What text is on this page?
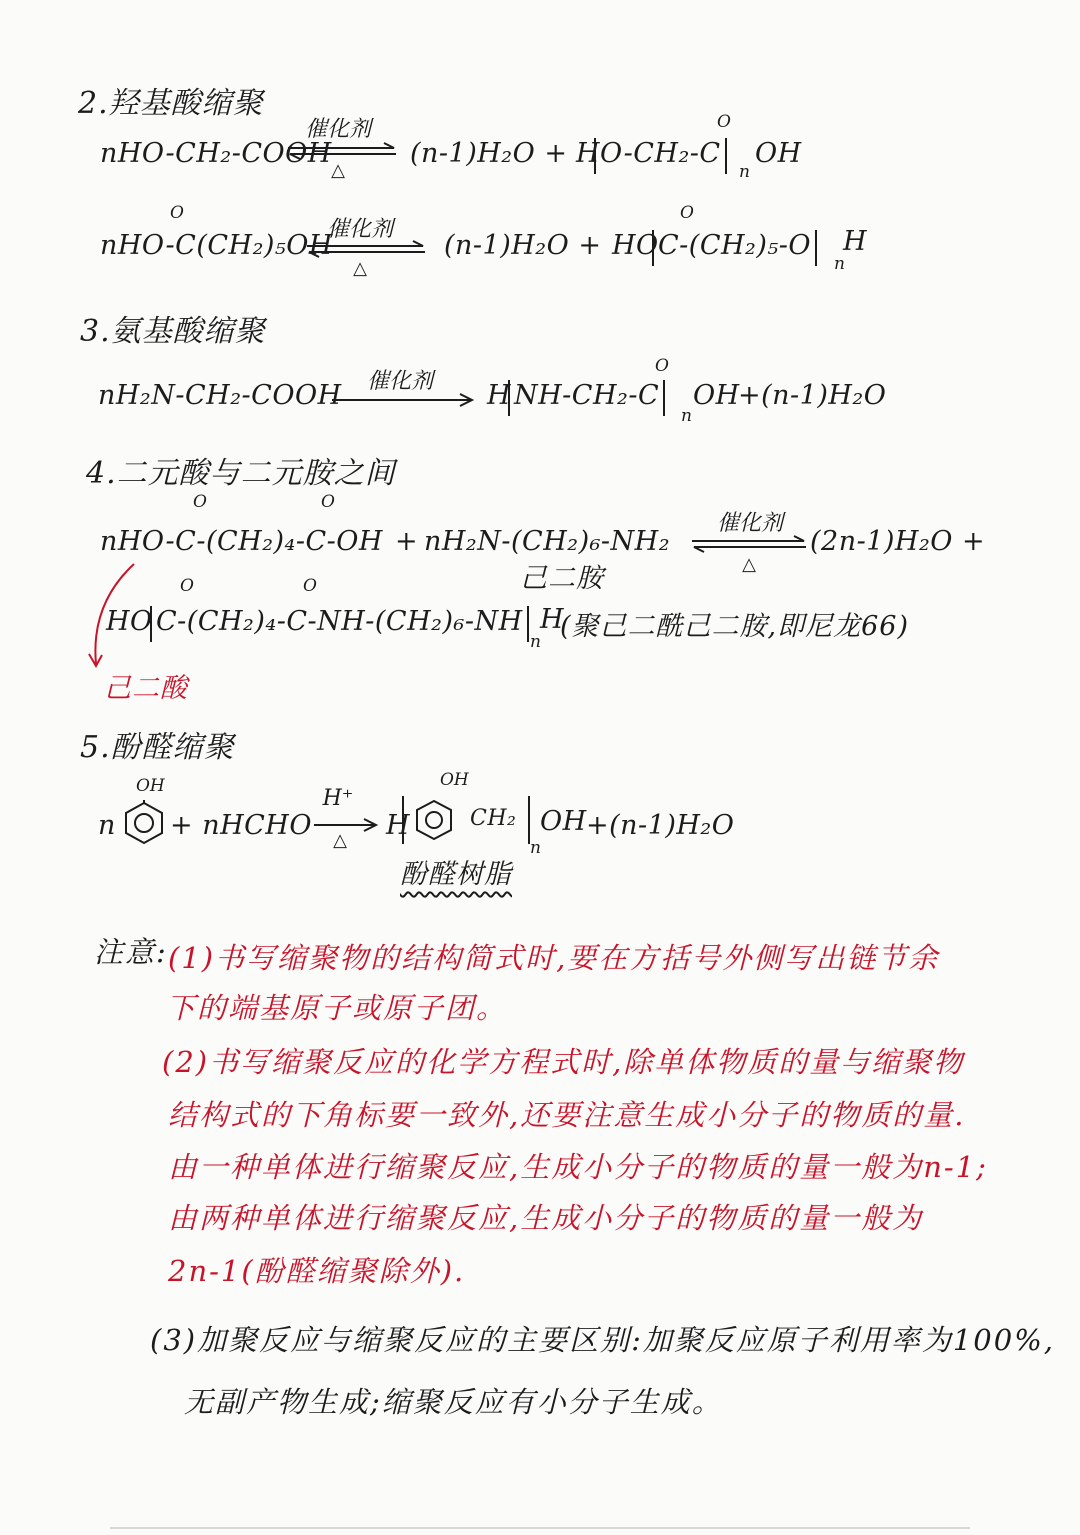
2.羟基酸缩聚
nHO-CH₂-COOH
催化剂
△
(n-1)H₂O + H O-CH₂-C
O
n
OH
nHO-C(CH₂)₅OH
O
催化剂
△
(n-1)H₂O + HO C-(CH₂)₅-O
O
n
H
3.氨基酸缩聚
nH₂N-CH₂-COOH	催化剂	H NH-CH₂-C
O
n
OH
+(n-1)H₂O
4.二元酸与二元胺之间
O	O
nHO-C-(CH₂)₄-C-OH + nH₂N-(CH₂)₆-NH₂
己二胺
催化剂
△
(2n-1)H₂O +
O	O
HO C-(CH₂)₄-C-NH-(CH₂)₆-NH H
n (聚己二酰己二胺,即尼龙66)
己二酸
5.酚醛缩聚
n
OH
+ nHCHO
H⁺
△	H
OH
CH₂
n
OH +(n-1)H₂O
酚醛树脂
注意: (1)书写缩聚物的结构简式时,要在方括号外侧写出链节余
下的端基原子或原子团。
(2)书写缩聚反应的化学方程式时,除单体物质的量与缩聚物
结构式的下角标要一致外,还要注意生成小分子的物质的量.
由一种单体进行缩聚反应,生成小分子的物质的量一般为n-1;
由两种单体进行缩聚反应,生成小分子的物质的量一般为
2n-1(酚醛缩聚除外).
(3)加聚反应与缩聚反应的主要区别:加聚反应原子利用率为100%,
无副产物生成;缩聚反应有小分子生成。
